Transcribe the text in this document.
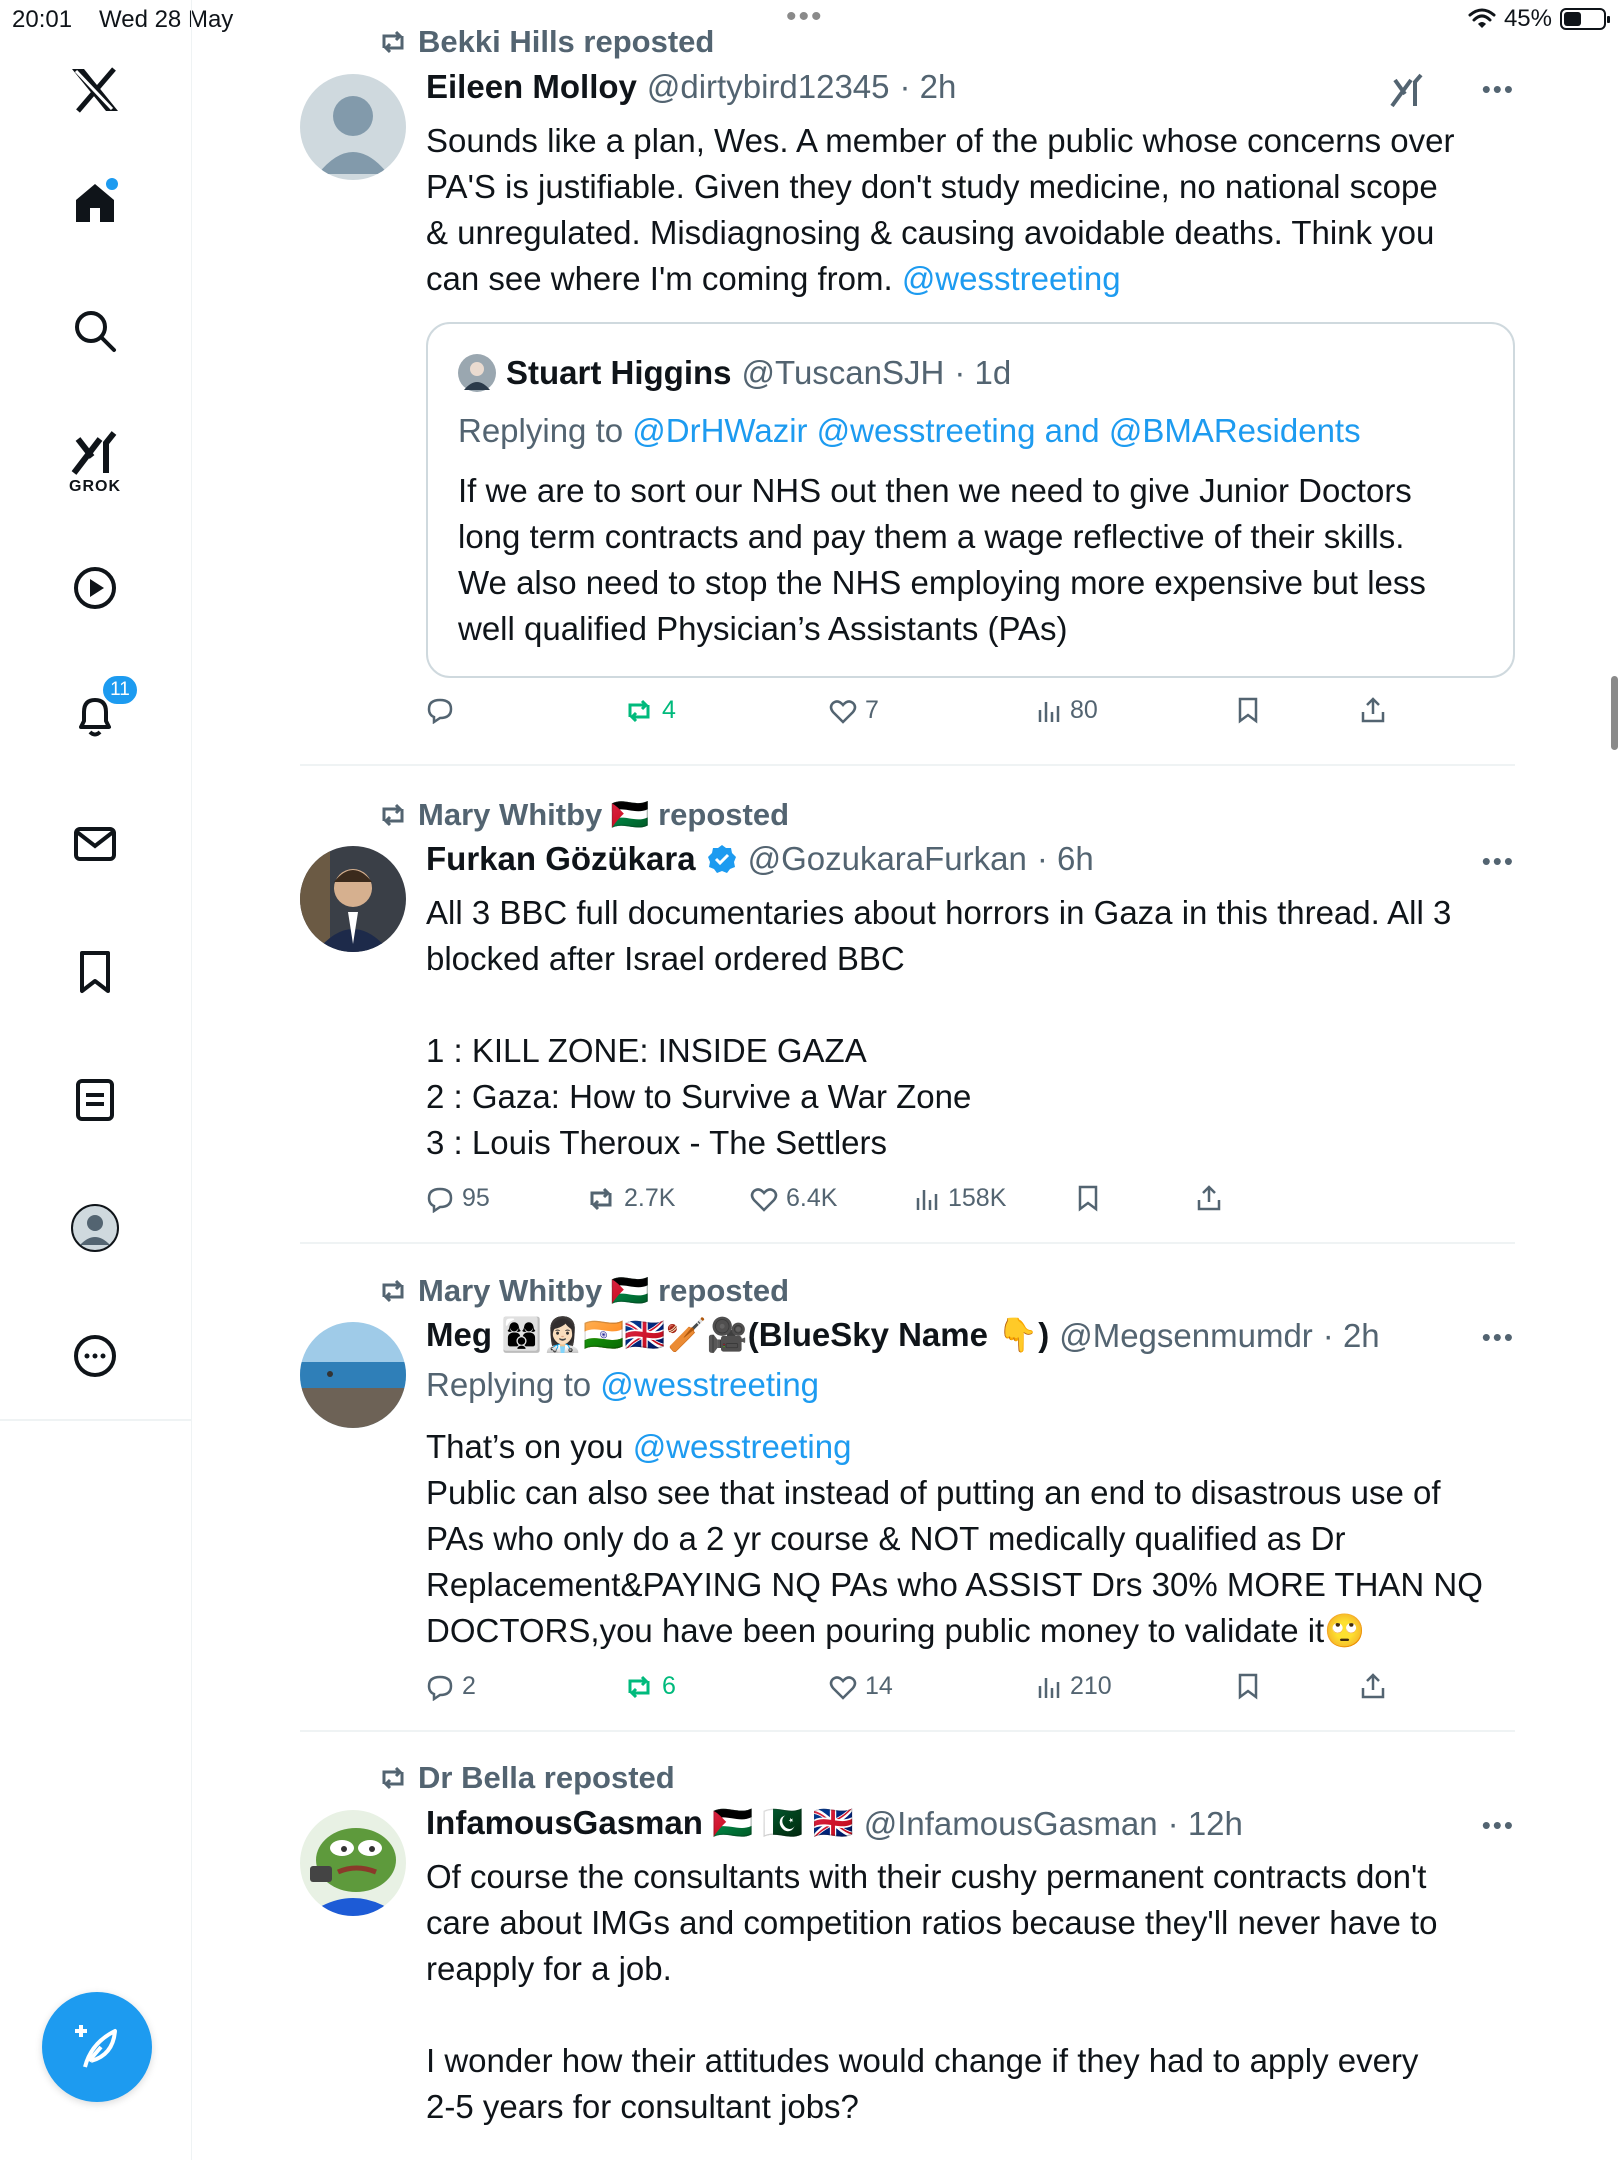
20:01 Wed 28 May	•••	45%
GROK
11
Bekki Hills reposted
Eileen Molloy @dirtybird12345 · 2h	•••
Sounds like a plan, Wes. A member of the public whose concerns over
PA'S is justifiable. Given they don't study medicine, no national scope
& unregulated. Misdiagnosing & causing avoidable deaths. Think you
can see where I'm coming from. @wesstreeting
Stuart Higgins @TuscanSJH · 1d
Replying to @DrHWazir @wesstreeting and @BMAResidents
If we are to sort our NHS out then we need to give Junior Doctors
long term contracts and pay them a wage reflective of their skills.
We also need to stop the NHS employing more expensive but less
well qualified Physician’s Assistants (PAs)
4	7	80
Mary Whitby 🇵🇸 reposted
Furkan Gözükara @GozukaraFurkan · 6h	•••
All 3 BBC full documentaries about horrors in Gaza in this thread. All 3
blocked after Israel ordered BBC
1 : KILL ZONE: INSIDE GAZA
2 : Gaza: How to Survive a War Zone
3 : Louis Theroux - The Settlers
95	2.7K	6.4K	158K
Mary Whitby 🇵🇸 reposted
Meg 👩‍👩‍👦👩🏻‍⚕️🇮🇳🇬🇧🏏🎥(BlueSky Name 👇) @Megsenmumdr · 2h	•••
Replying to @wesstreeting
That’s on you @wesstreeting
Public can also see that instead of putting an end to disastrous use of
PAs who only do a 2 yr course & NOT medically qualified as Dr
Replacement&PAYING NQ PAs who ASSIST Drs 30% MORE THAN NQ
DOCTORS,you have been pouring public money to validate it🙄
2	6	14	210
Dr Bella reposted
InfamousGasman 🇵🇸 🇵🇰 🇬🇧 @InfamousGasman · 12h	•••
Of course the consultants with their cushy permanent contracts don't
care about IMGs and competition ratios because they'll never have to
reapply for a job.
I wonder how their attitudes would change if they had to apply every
2-5 years for consultant jobs?
